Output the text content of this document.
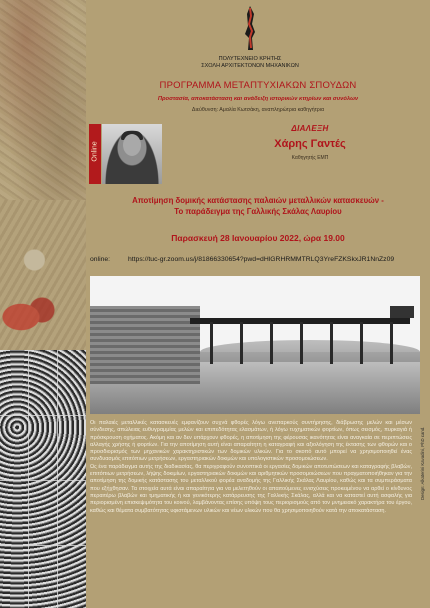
ΠΟΛΥΤΕΧΝΕΙΟ ΚΡΗΤΗΣ
ΣΧΟΛΗ ΑΡΧΙΤΕΚΤΟΝΩΝ ΜΗΧΑΝΙΚΩΝ
ΠΡΟΓΡΑΜΜΑ ΜΕΤΑΠΤΥΧΙΑΚΩΝ ΣΠΟΥΔΩΝ
Προστασία, αποκατάσταση και ανάδειξη ιστορικών κτηρίων και συνόλων
Διεύθυνση: Αμαλία Κωτσάκη, αναπληρώτρια καθηγήτρια
Online
ΔΙΑΛΕΞΗ
Χάρης Γαντές
Καθηγητής ΕΜΠ
Αποτίμηση δομικής κατάστασης παλαιών μεταλλικών κατασκευών -
Το παράδειγμα της Γαλλικής Σκάλας Λαυρίου
Παρασκευή 28 Ιανουαρίου 2022, ώρα 19.00
online:	https://tuc-gr.zoom.us/j/81866330654?pwd=dHlGRHRMMTRLQ3YreFZKSkxJR1NnZz09

Οι παλαιές μεταλλικές κατασκευές εμφανίζουν συχνά φθορές λόγω ανεπαρκούς συντήρησης, διάβρωσης μελών και μέσων σύνδεσης, απώλειας ευθυγραμμίας μελών και επιπεδότητας ελασμάτων, ή λόγω τυχηματικών φορτίων, όπως σεισμός, πυρκαγιά ή πρόσκρουση οχήματος. Ακόμη και αν δεν υπάρχουν φθορές, η αποτίμηση της φέρουσας ικανότητας είναι αναγκαία σε περιπτώσεις αλλαγής χρήσης ή φορτίων. Για την αποτίμηση αυτή είναι απαραίτητη η καταγραφή και αξιολόγηση της έκτασης των φθορών και ο προσδιορισμός των μηχανικών χαρακτηριστικών των δομικών υλικών. Για το σκοπό αυτό μπορεί να χρησιμοποιηθεί ένας συνδυασμός επιτόπιων μετρήσεων, εργαστηριακών δοκιμών και υπολογιστικών προσομοιώσεων.

Ως ένα παράδειγμα αυτής της διαδικασίας, θα περιγραφούν συνοπτικά οι εργασίες δομικών αποτυπώσεων και καταγραφής βλαβών, επιτόπιων μετρήσεων, λήψης δοκιμίων, εργαστηριακών δοκιμών και αριθμητικών προσομοιώσεων που πραγματοποιήθηκαν για την αποτίμηση της δομικής κατάστασης του μεταλλικού φορέα αναδομής της Γαλλικής Σκάλας Λαυρίου, καθώς και τα συμπεράσματα που εξήχθησαν. Τα στοιχεία αυτά είναι απαραίτητα για να μελετηθούν οι απαιτούμενες ενισχύσεις προκειμένου να αρθεί ο κίνδυνος περαιτέρω βλαβών και τμηματικής ή και γενικότερης κατάρρευσης της Γαλλικής Σκάλας, αλλά και να καταστεί αυτή ασφαλής για περιορισμένη επισκεψιμότητα του κοινού, λαμβάνοντας επίσης υπόψη τους περιορισμούς από τον μνημειακό χαρακτήρα του έργου, καθώς και θέματα συμβατότητας υφιστάμενων υλικών και νέων υλικών που θα χρησιμοποιηθούν κατά την αποκατάσταση.

Design: Alkaterini Kavadini, PhD cand.
